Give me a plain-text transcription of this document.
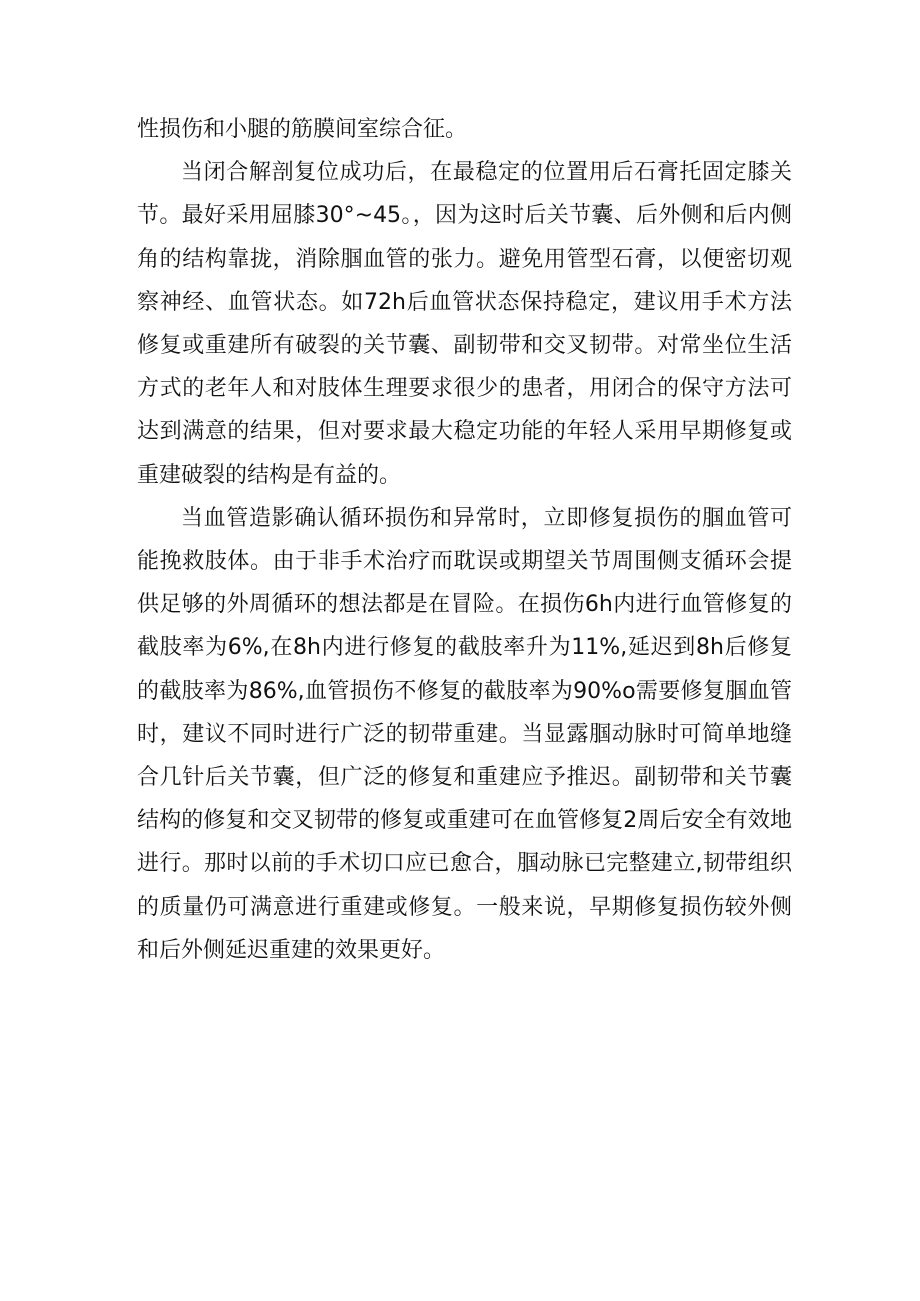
性损伤和小腿的筋膜间室综合征。

当闭合解剖复位成功后，在最稳定的位置用后石膏托固定膝关节。最好采用屈膝30°~45。，因为这时后关节囊、后外侧和后内侧角的结构靠拢，消除腘血管的张力。避免用管型石膏，以便密切观察神经、血管状态。如72h后血管状态保持稳定，建议用手术方法修复或重建所有破裂的关节囊、副韧带和交叉韧带。对常坐位生活方式的老年人和对肢体生理要求很少的患者，用闭合的保守方法可达到满意的结果，但对要求最大稳定功能的年轻人采用早期修复或重建破裂的结构是有益的。

当血管造影确认循环损伤和异常时，立即修复损伤的腘血管可能挽救肢体。由于非手术治疗而耽误或期望关节周围侧支循环会提供足够的外周循环的想法都是在冒险。在损伤6h内进行血管修复的截肢率为6%,在8h内进行修复的截肢率升为11%,延迟到8h后修复的截肢率为86%,血管损伤不修复的截肢率为90%o需要修复腘血管时，建议不同时进行广泛的韧带重建。当显露腘动脉时可简单地缝合几针后关节囊，但广泛的修复和重建应予推迟。副韧带和关节囊结构的修复和交叉韧带的修复或重建可在血管修复2周后安全有效地进行。那时以前的手术切口应已愈合，腘动脉已完整建立,韧带组织的质量仍可满意进行重建或修复。一般来说，早期修复损伤较外侧和后外侧延迟重建的效果更好。
